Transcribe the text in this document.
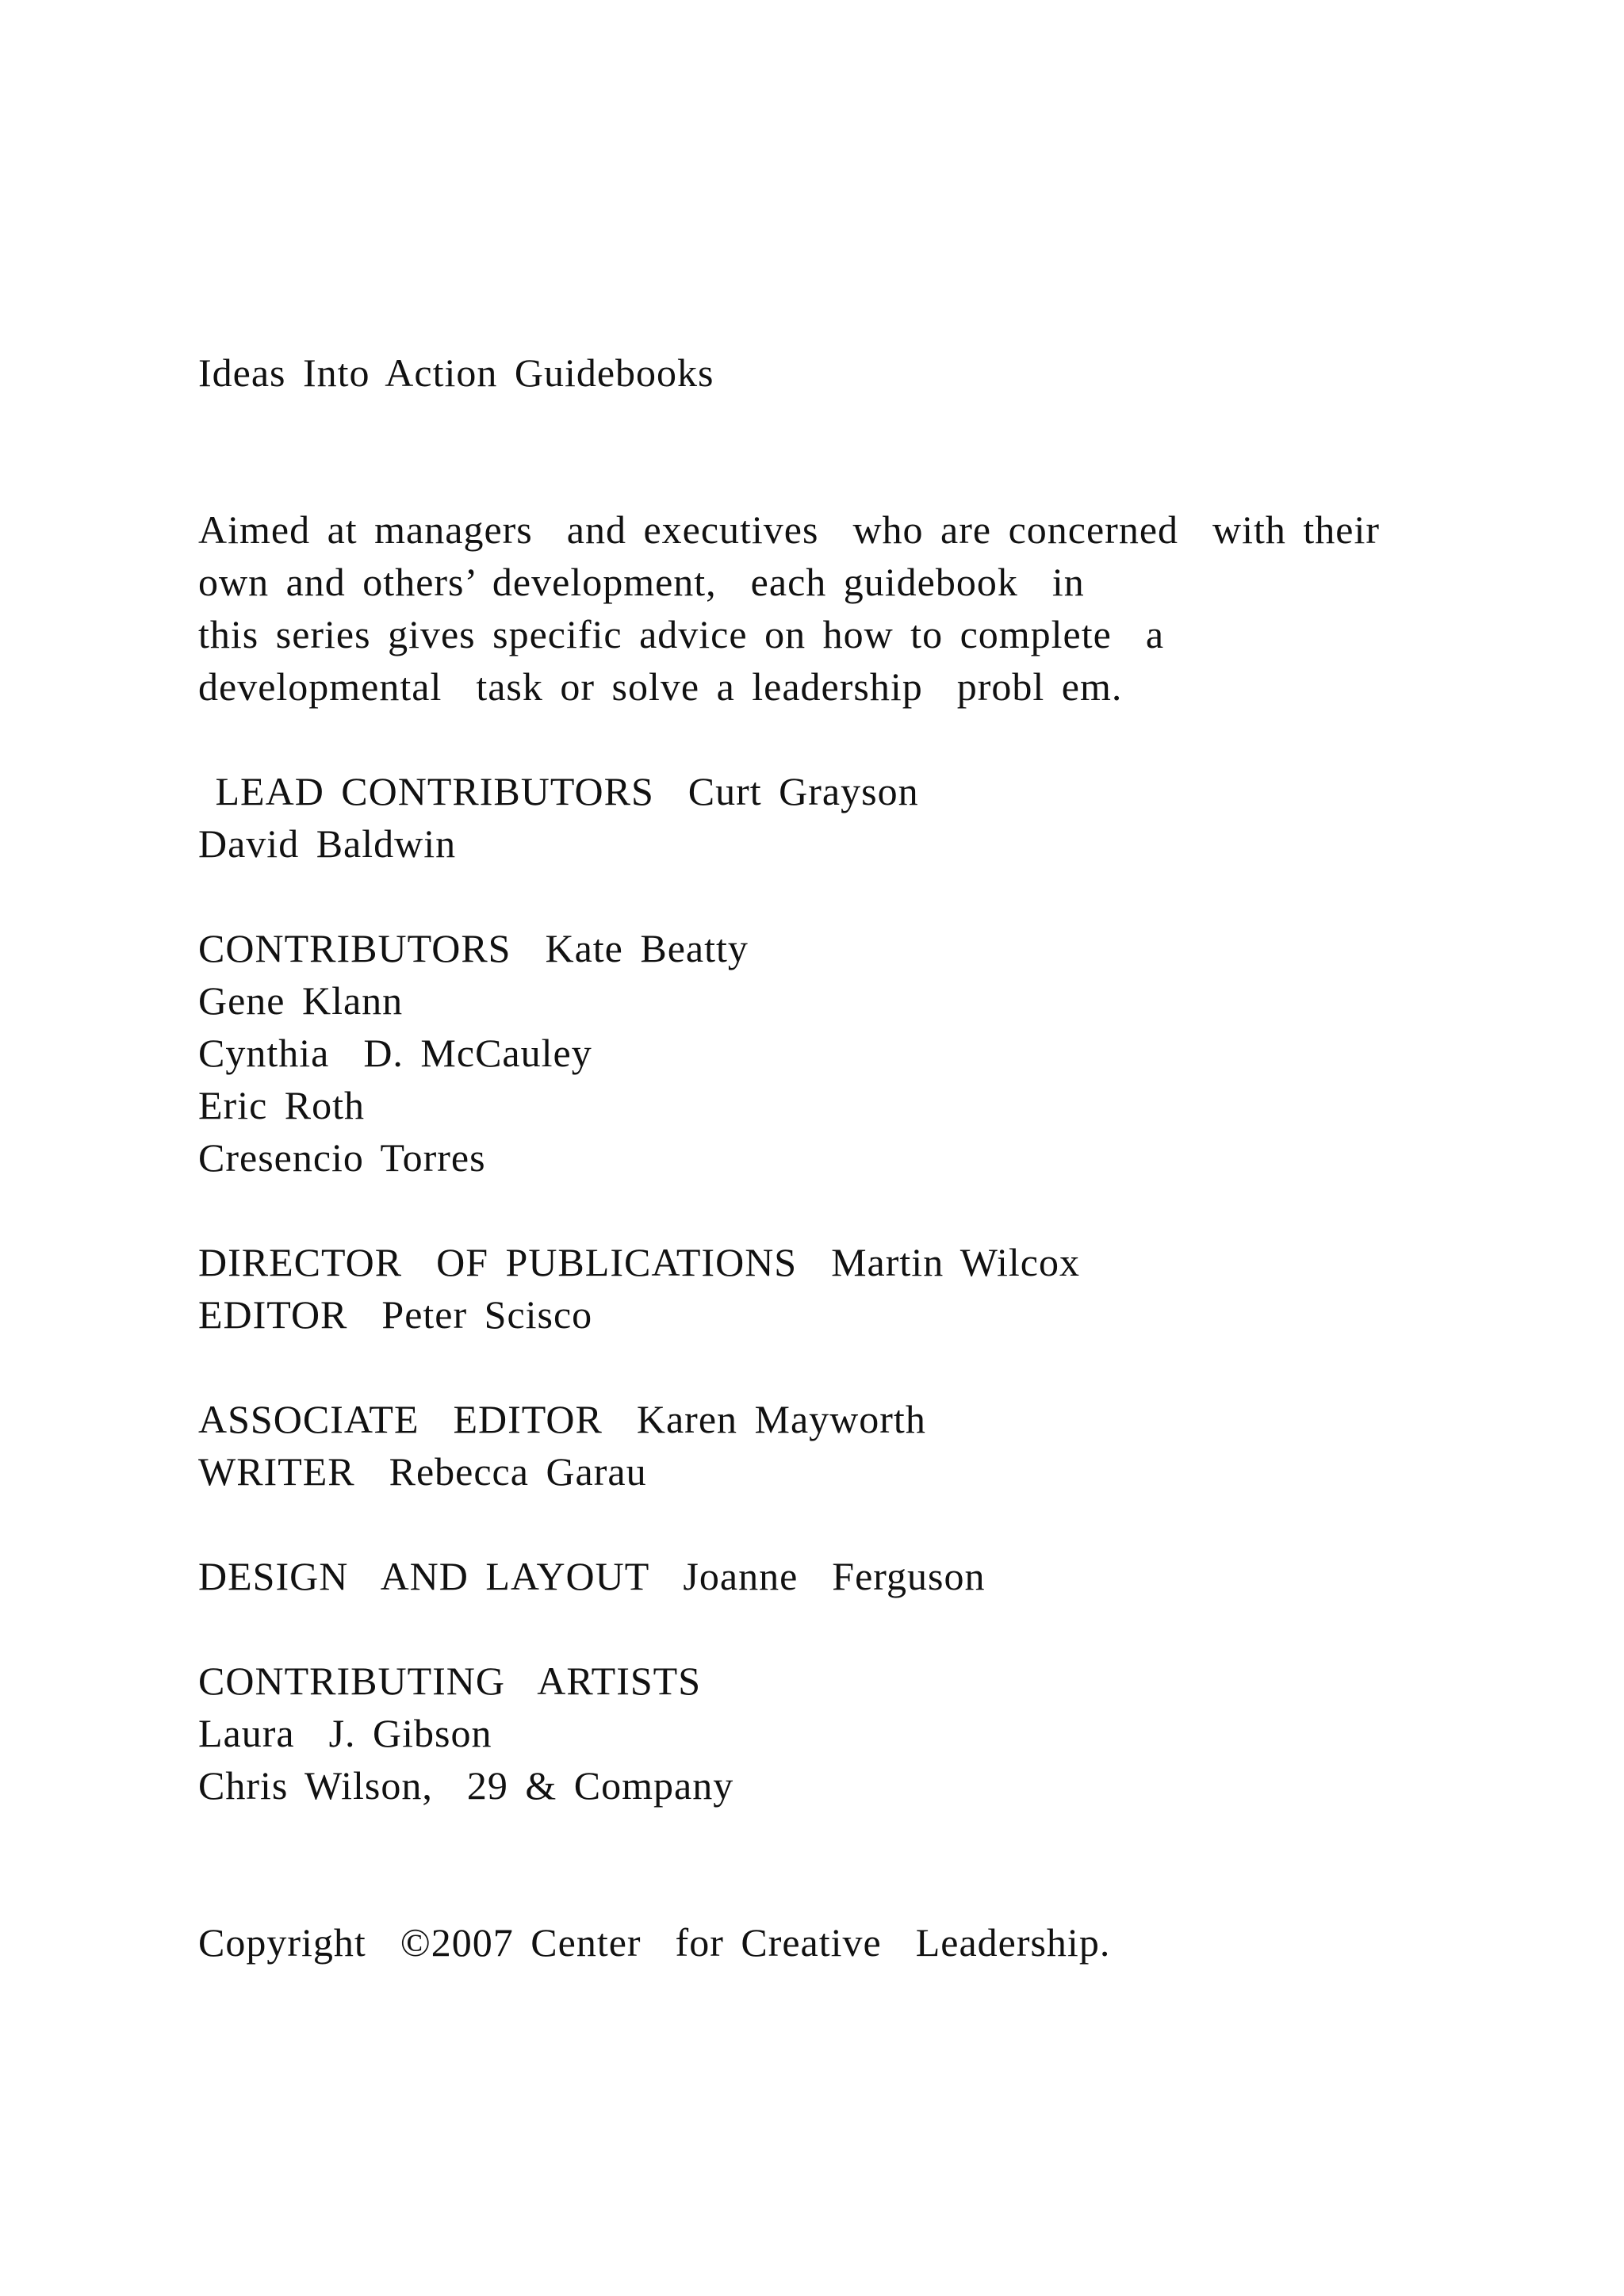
Ideas Into Action Guidebooks

Aimed at managers  and executives  who are concerned  with their

own and others’ development,  each guidebook  in

this series gives specific advice on how to complete  a

developmental  task or solve a leadership  probl em.

LEAD CONTRIBUTORS  Curt Grayson

David Baldwin

CONTRIBUTORS  Kate Beatty

Gene Klann

Cynthia  D. McCauley

Eric Roth

Cresencio Torres

DIRECTOR  OF PUBLICATIONS  Martin Wilcox

EDITOR  Peter Scisco

ASSOCIATE  EDITOR  Karen Mayworth

WRITER  Rebecca Garau

DESIGN  AND LAYOUT  Joanne  Ferguson

CONTRIBUTING  ARTISTS

Laura  J. Gibson

Chris Wilson,  29 & Company

Copyright  ©2007 Center  for Creative  Leadership.
